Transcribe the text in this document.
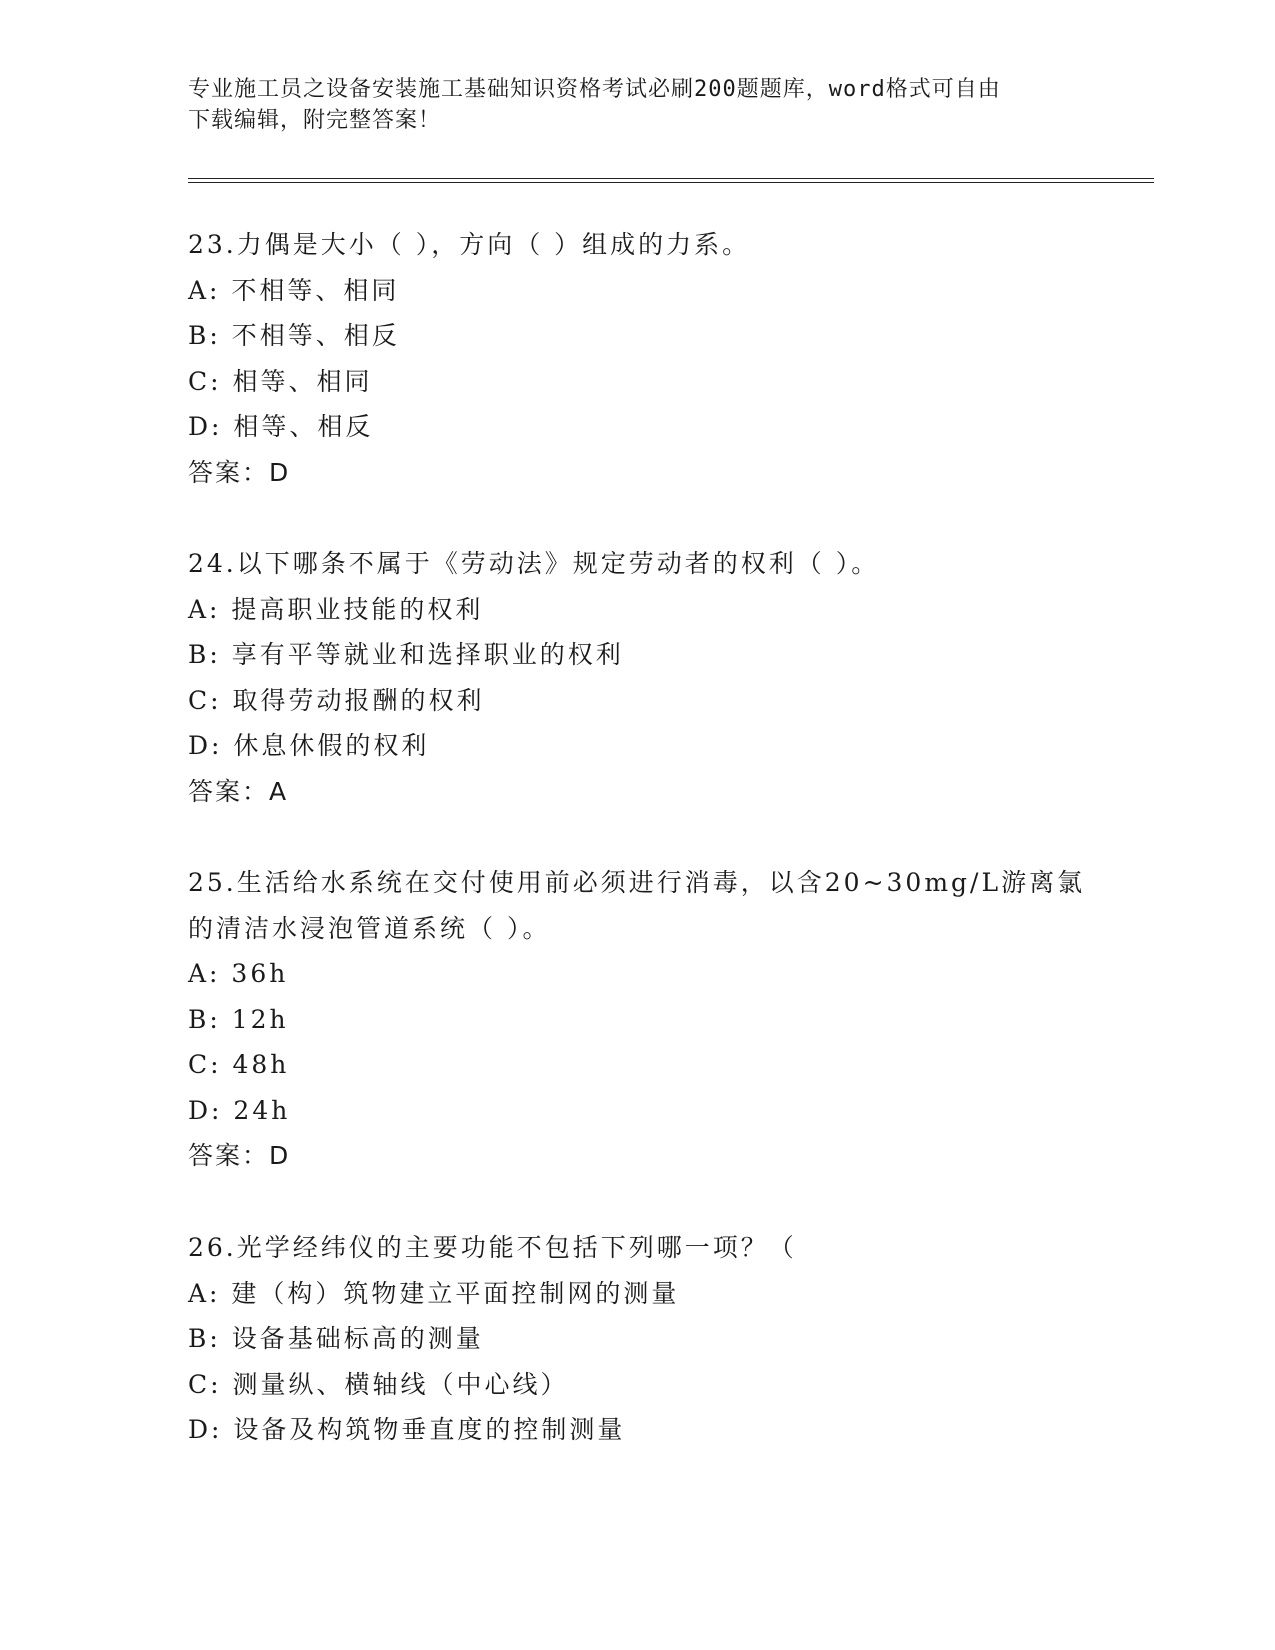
专业施工员之设备安装施工基础知识资格考试必刷200题题库，word格式可自由
下载编辑，附完整答案！
23.力偶是大小（ ），方向（ ）组成的力系。
A: 不相等、相同
B: 不相等、相反
C: 相等、相同
D: 相等、相反
答案：D
24.以下哪条不属于《劳动法》规定劳动者的权利（ ）。
A: 提高职业技能的权利
B: 享有平等就业和选择职业的权利
C: 取得劳动报酬的权利
D: 休息休假的权利
答案：A
25.生活给水系统在交付使用前必须进行消毒，以含20~30mg/L游离氯
的清洁水浸泡管道系统（ ）。
A: 36h
B: 12h
C: 48h
D: 24h
答案：D
26.光学经纬仪的主要功能不包括下列哪一项？（
A: 建（构）筑物建立平面控制网的测量
B: 设备基础标高的测量
C: 测量纵、横轴线（中心线）
D: 设备及构筑物垂直度的控制测量
